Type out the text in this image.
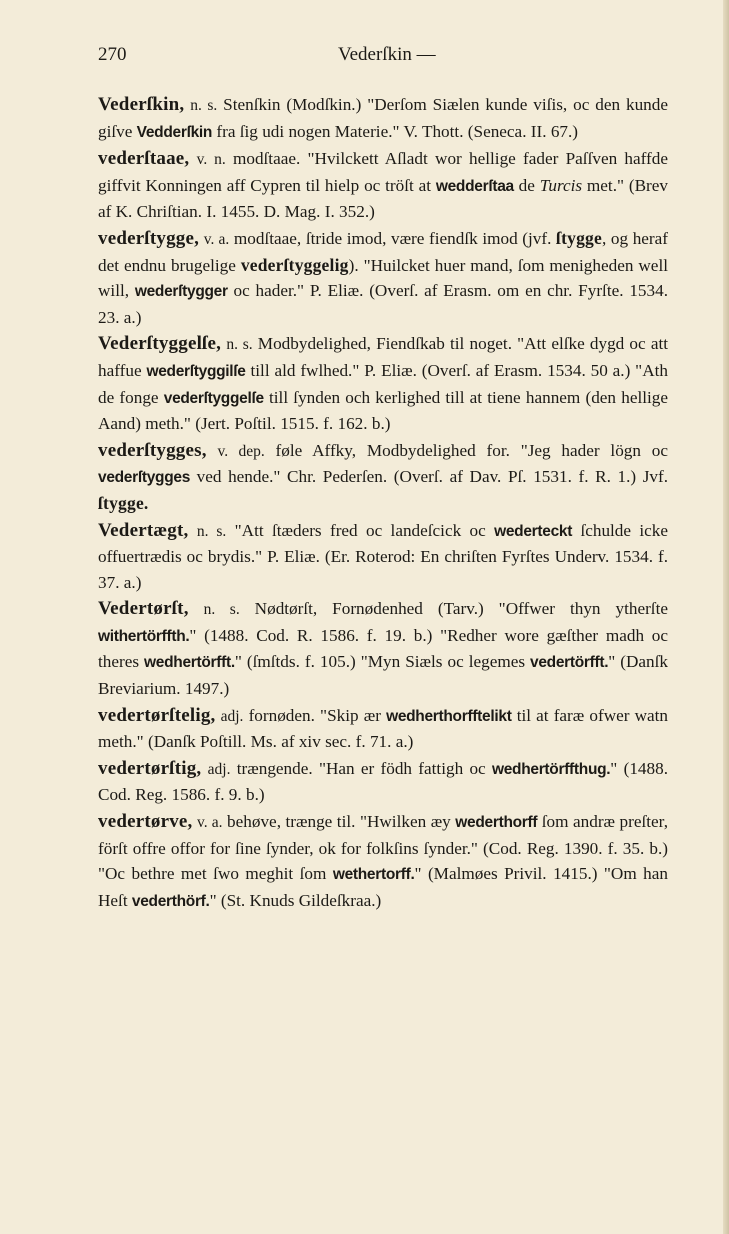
270	Vederſkin —
Vederſkin, n. s. Stenſkin (Modſkin.) "Derſom Siælen kunde viſis, oc den kunde giſve Vedderſkin fra ſig udi nogen Materie." V. Thott. (Seneca. II. 67.)
vederſtaae, v. n. modſtaae. "Hvilckett Aſladt wor hellige fader Paſſven haffde giffvit Konningen aff Cypren til hielp oc tröſt at wedderſtaa de Turcis met." (Brev af K. Chriſtian. I. 1455. D. Mag. I. 352.)
vederſtygge, v. a. modſtaae, ſtride imod, være fiendſk imod (jvf. ſtygge, og heraf det endnu brugelige vederſtyggelig). "Huilcket huer mand, ſom menigheden well will, wederſtygger oc hader." P. Eliæ. (Overſ. af Erasm. om en chr. Fyrſte. 1534. 23. a.)
Vederſtyggelſe, n. s. Modbydelighed, Fiendſkab til noget. "Att elſke dygd oc att haffue wederſtyggilſe till ald fwlhed." P. Eliæ. (Overſ. af Erasm. 1534. 50 a.) "Ath de fonge vederſtyggelſe till ſynden och kerlighed till at tiene hannem (den hellige Aand) meth." (Jert. Poſtil. 1515. f. 162. b.)
vederſtygges, v. dep. føle Affky, Modbydelighed for. "Jeg hader lögn oc vederſtygges ved hende." Chr. Pederſen. (Overſ. af Dav. Pſ. 1531. f. R. 1.) Jvf. ſtygge.
Vedertægt, n. s. "Att ſtæders fred oc landeſcick oc wederteckt ſchulde icke offuertrædis oc brydis." P. Eliæ. (Er. Roterod: En chriſten Fyrſtes Underv. 1534. f. 37. a.)
Vedertørſt, n. s. Nødtørſt, Fornødenhed (Tarv.) "Offwer thyn ytherſte withertörffth." (1488. Cod. R. 1586. f. 19. b.) "Redher wore gæſther madh oc theres wedhertörfft." (ſmſtds. f. 105.) "Myn Siæls oc legemes vedertörfft." (Danſk Breviarium. 1497.)
vedertørſtelig, adj. fornøden. "Skip ær wedherthorfftelikt til at faræ ofwer watn meth." (Danſk Poſtill. Ms. af xiv sec. f. 71. a.)
vedertørſtig, adj. trængende. "Han er födh fattigh oc wedhertörffthug." (1488. Cod. Reg. 1586. f. 9. b.)
vedertørve, v. a. behøve, trænge til. "Hwilken æy wederthorff ſom andræ preſter, förſt offre offor for ſine ſynder, ok for folkſins ſynder." (Cod. Reg. 1390. f. 35. b.) "Oc bethre met ſwo meghit ſom wethertorff." (Malmøes Privil. 1415.) "Om han Heſt vederthörf." (St. Knuds Gildeſkraa.)
